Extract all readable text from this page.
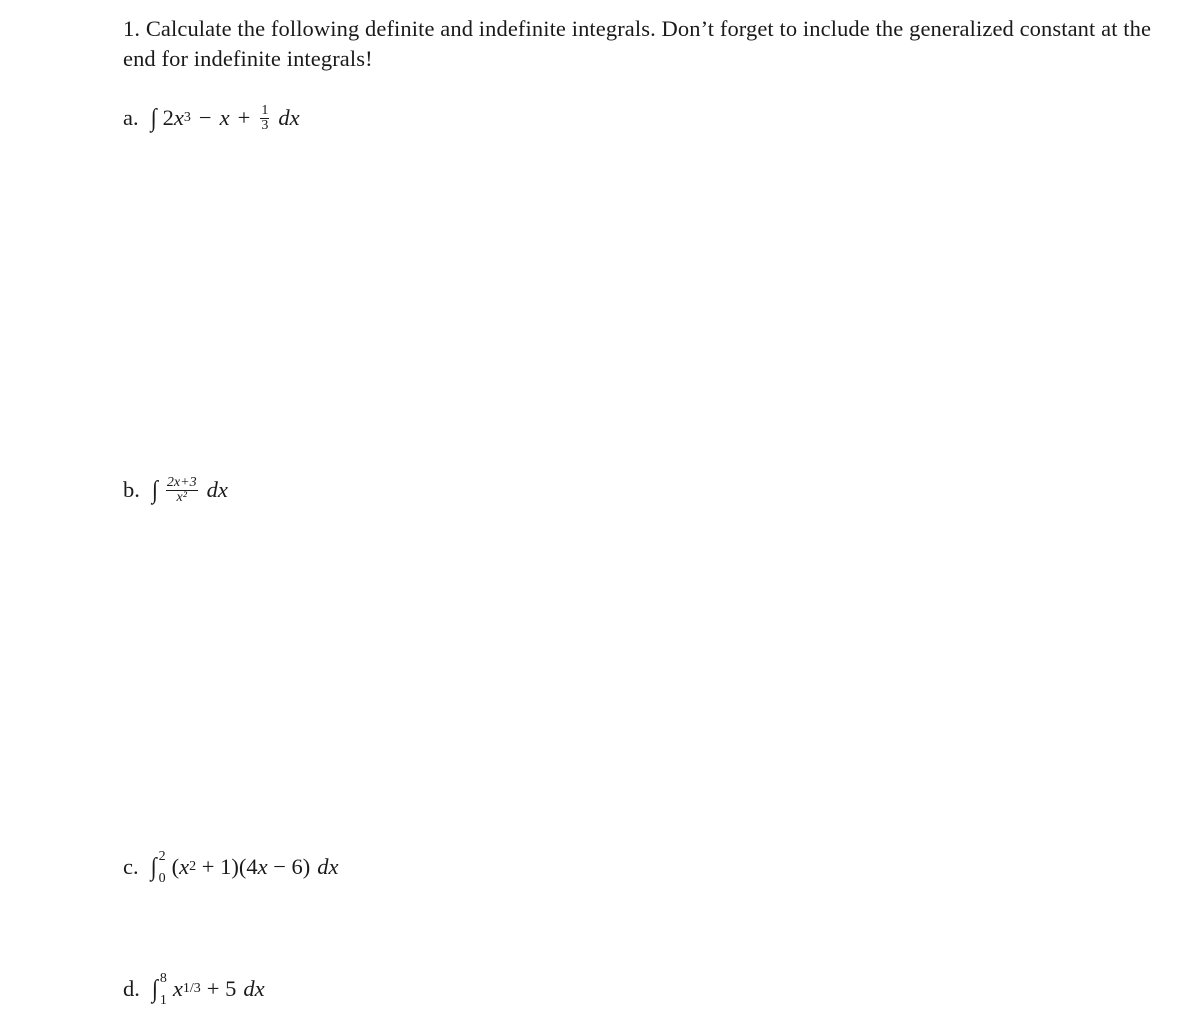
1. Calculate the following definite and indefinite integrals. Don’t forget to include the generalized constant at the end for indefinite integrals!
a. ∫ 2 x $3 - x + \frac{1}{3}$ dx
b. ∫ $\frac{2x+3}{\text{x²}}$ dx
c. ∫ 2
0 ( x 2
+ 1)(4 x
− 6) dx
d. ∫ 8
1 x 1/3 + 5 dx
